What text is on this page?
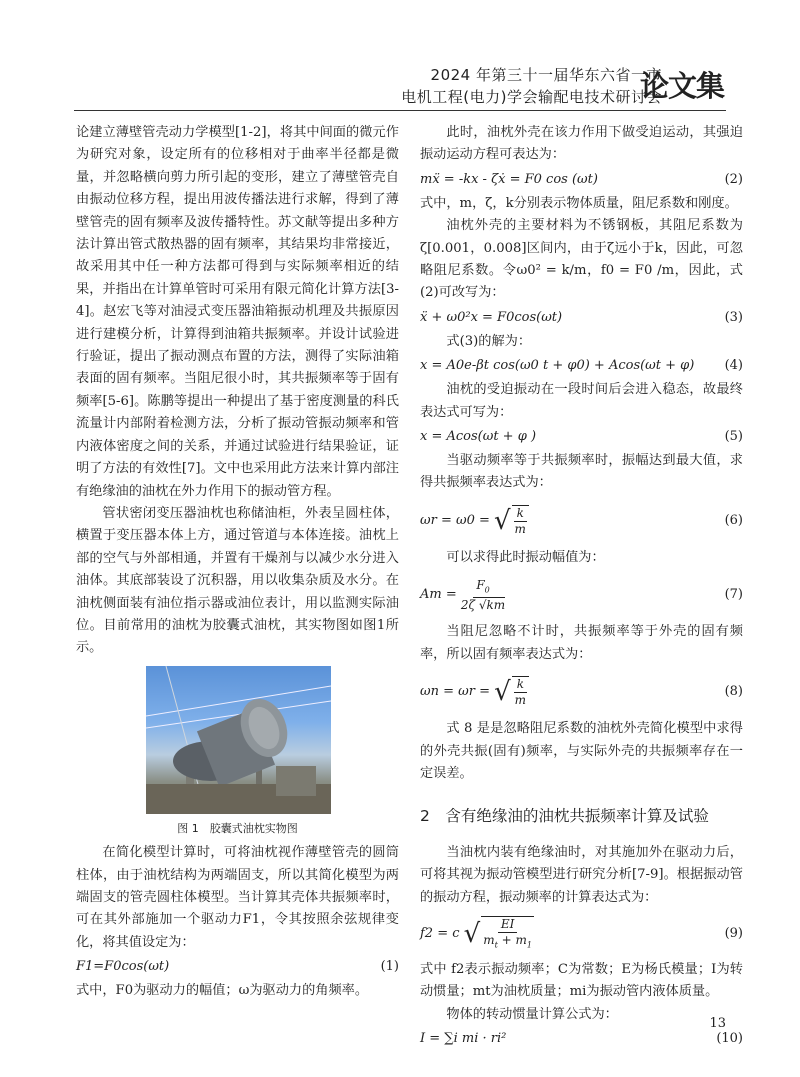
2024 年第三十一届华东六省一市
电机工程(电力)学会输配电技术研讨会
论文集

论建立薄壁管壳动力学模型[1-2]，将其中间面的微元作为研究对象，设定所有的位移相对于曲率半径都是微量，并忽略横向剪力所引起的变形，建立了薄壁管壳自由振动位移方程，提出用波传播法进行求解，得到了薄壁管壳的固有频率及波传播特性。苏文献等提出多种方法计算出管式散热器的固有频率，其结果均非常接近，故采用其中任一种方法都可得到与实际频率相近的结果，并指出在计算单管时可采用有限元简化计算方法[3-4]。赵宏飞等对油浸式变压器油箱振动机理及共振原因进行建模分析，计算得到油箱共振频率。并设计试验进行验证，提出了振动测点布置的方法，测得了实际油箱表面的固有频率。当阻尼很小时，其共振频率等于固有频率[5-6]。陈鹏等提出一种提出了基于密度测量的科氏流量计内部附着检测方法，分析了振动管振动频率和管内液体密度之间的关系，并通过试验进行结果验证，证明了方法的有效性[7]。文中也采用此方法来计算内部注有绝缘油的油枕在外力作用下的振动管方程。

管状密闭变压器油枕也称储油柜，外表呈圆柱体，横置于变压器本体上方，通过管道与本体连接。油枕上部的空气与外部相通，并置有干燥剂与以减少水分进入油体。其底部装设了沉积器，用以收集杂质及水分。在油枕侧面装有油位指示器或油位表计，用以监测实际油位。目前常用的油枕为胶囊式油枕，其实物图如图1所示。

图 1　胶囊式油枕实物图

在简化模型计算时，可将油枕视作薄壁管壳的圆筒柱体，由于油枕结构为两端固支，所以其简化模型为两端固支的管壳圆柱体模型。当计算其壳体共振频率时，可在其外部施加一个驱动力F1，令其按照余弦规律变化，将其值设定为：

F1=F0cos(ωt)	(1)

式中，F0为驱动力的幅值；ω为驱动力的角频率。

此时，油枕外壳在该力作用下做受迫运动，其强迫振动运动方程可表达为：

mẍ = -kx - ζẋ = F0 cos (ωt)	(2)

式中，m，ζ，k分别表示物体质量，阻尼系数和刚度。

油枕外壳的主要材料为不锈钢板，其阻尼系数为ζ[0.001，0.008]区间内，由于ζ远小于k，因此，可忽略阻尼系数。令ω0² = k/m，f0 = F0 /m，因此，式(2)可改写为：

ẍ + ω0²x = F0cos(ωt)	(3)

式(3)的解为：

x = A0e-βt cos(ω0 t + φ0) + Acos(ωt + φ) (4)

油枕的受迫振动在一段时间后会进入稳态，故最终表达式可写为：

x = Acos(ωt + φ )	(5)

当驱动频率等于共振频率时，振幅达到最大值，求得共振频率表达式为：

ωr = ω0 =
√ $\frac{k}{m}$	(6)

可以求得此时振动幅值为：

Am =
$\frac{F_0}{2\zeta √km}$	(7)

当阻尼忽略不计时，共振频率等于外壳的固有频率，所以固有频率表达式为：

ωn = ωr =
√ $\frac{k}{m}$	(8)

式 8 是是忽略阻尼系数的油枕外壳简化模型中求得的外壳共振(固有)频率，与实际外壳的共振频率存在一定误差。

2　含有绝缘油的油枕共振频率计算及试验

当油枕内装有绝缘油时，对其施加外在驱动力后，可将其视为振动管模型进行研究分析[7-9]。根据振动管的振动方程，振动频率的计算表达式为：

f2 = c
√ $\frac{EI}{m_t + m_1}$	(9)

式中 f2表示振动频率；C为常数；E为杨氏模量；I为转动惯量；mt为油枕质量；mi为振动管内液体质量。

物体的转动惯量计算公式为：

I = ∑i mi · ri²	(10)
13
